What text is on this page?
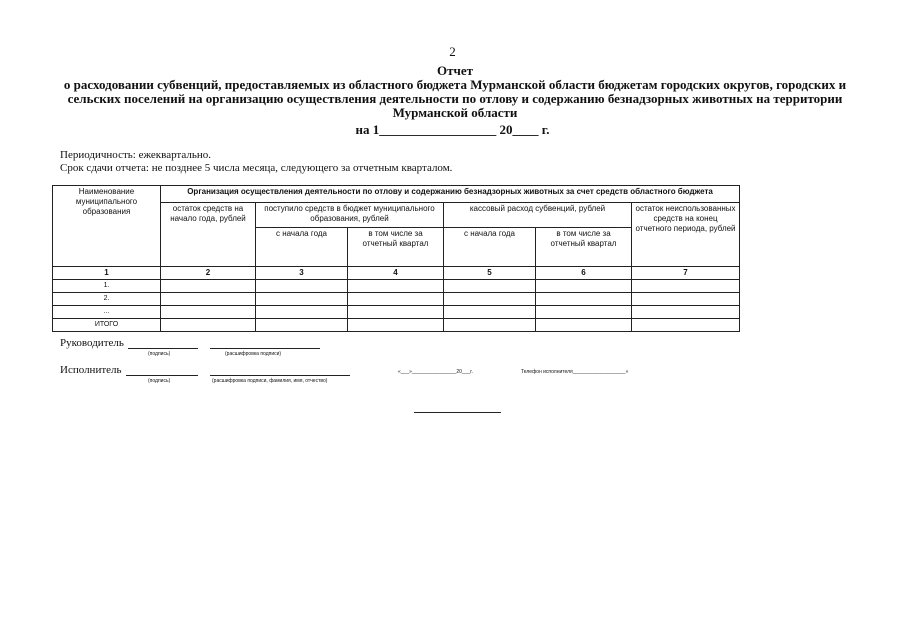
2
Отчет
о расходовании субвенций, предоставляемых из областного бюджета Мурманской области бюджетам городских округов, городских и
сельских поселений на организацию осуществления деятельности по отлову и содержанию безнадзорных животных на территории
Мурманской области
на 1__________________ 20____ г.
Периодичность: ежеквартально.
Срок сдачи отчета: не позднее 5 числа месяца, следующего за отчетным кварталом.
Наименование муниципального образования	Организация осуществления деятельности по отлову и содержанию безнадзорных животных за счет средств областного бюджета					
	остаток средств на начало года, рублей	поступило средств в бюджет муниципального образования, рублей		кассовый расход субвенций, рублей		остаток неиспользованных средств на конец отчетного периода, рублей
		с начала года	в том числе за отчетный квартал	с начала года	в том числе за отчетный квартал	
1	2	3	4	5	6	7
1.						
2.						
...						
ИТОГО						
Руководитель
(подпись)	(расшифровка подписи)
Исполнитель
(подпись)	(расшифровка подписи, фамилия, имя, отчество)
«___»________________20___г.	Телефон исполнителя___________________»
